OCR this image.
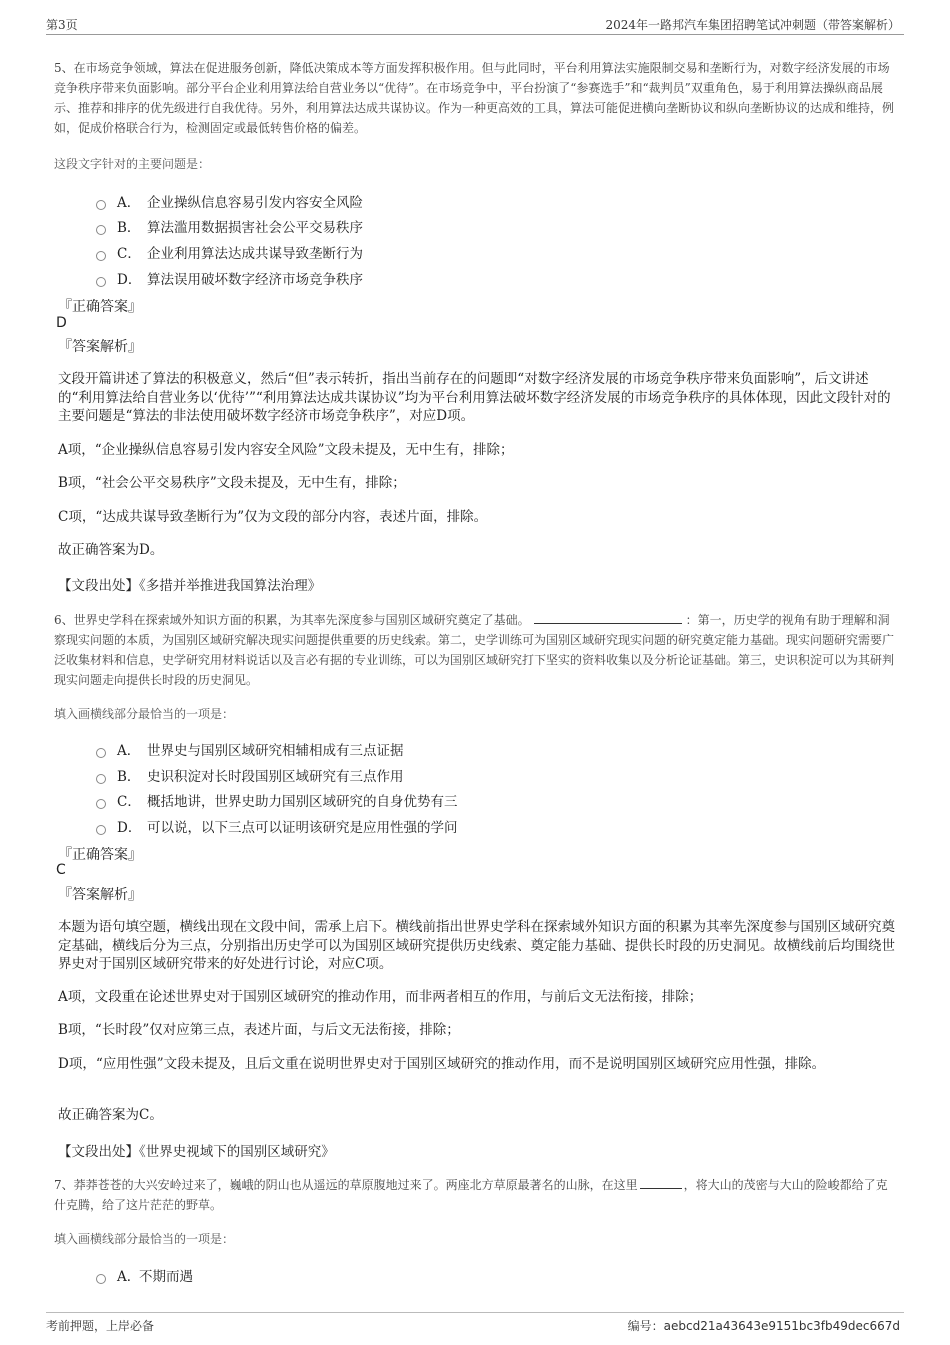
第3页	2024年一路邦汽车集团招聘笔试冲刺题（带答案解析）
5、在市场竞争领域，算法在促进服务创新，降低决策成本等方面发挥积极作用。但与此同时，平台利用算法实施限制交易和垄断行为，对数字经济发展的市场竞争秩序带来负面影响。部分平台企业利用算法给自营业务以“优待”。在市场竞争中，平台扮演了“参赛选手”和“裁判员”双重角色，易于利用算法操纵商品展示、推荐和排序的优先级进行自我优待。另外，利用算法达成共谋协议。作为一种更高效的工具，算法可能促进横向垄断协议和纵向垄断协议的达成和维持，例如，促成价格联合行为，检测固定或最低转售价格的偏差。
这段文字针对的主要问题是：
A． 企业操纵信息容易引发内容安全风险
B． 算法滥用数据损害社会公平交易秩序
C． 企业利用算法达成共谋导致垄断行为
D． 算法误用破坏数字经济市场竞争秩序
『正确答案』
D
『答案解析』
文段开篇讲述了算法的积极意义，然后“但”表示转折，指出当前存在的问题即“对数字经济发展的市场竞争秩序带来负面影响”，后文讲述的“利用算法给自营业务以‘优待’”“利用算法达成共谋协议”均为平台利用算法破坏数字经济发展的市场竞争秩序的具体体现，因此文段针对的主要问题是“算法的非法使用破坏数字经济市场竞争秩序”，对应D项。
A项，“企业操纵信息容易引发内容安全风险”文段未提及，无中生有，排除；
B项，“社会公平交易秩序”文段未提及，无中生有，排除；
C项，“达成共谋导致垄断行为”仅为文段的部分内容，表述片面，排除。
故正确答案为D。
【文段出处】《多措并举推进我国算法治理》
6、世界史学科在探索域外知识方面的积累，为其率先深度参与国别区域研究奠定了基础。	：第一，历史学的视角有助于理解和洞察现实问题的本质，为国别区域研究解决现实问题提供重要的历史线索。第二，史学训练可为国别区域研究现实问题的研究奠定能力基础。现实问题研究需要广泛收集材料和信息，史学研究用材料说话以及言必有据的专业训练，可以为国别区域研究打下坚实的资料收集以及分析论证基础。第三，史识积淀可以为其研判现实问题走向提供长时段的历史洞见。
填入画横线部分最恰当的一项是：
A． 世界史与国别区域研究相辅相成有三点证据
B． 史识积淀对长时段国别区域研究有三点作用
C． 概括地讲，世界史助力国别区域研究的自身优势有三
D． 可以说，以下三点可以证明该研究是应用性强的学问
『正确答案』
C
『答案解析』
本题为语句填空题，横线出现在文段中间，需承上启下。横线前指出世界史学科在探索域外知识方面的积累为其率先深度参与国别区域研究奠定基础，横线后分为三点，分别指出历史学可以为国别区域研究提供历史线索、奠定能力基础、提供长时段的历史洞见。故横线前后均围绕世界史对于国别区域研究带来的好处进行讨论，对应C项。
A项，文段重在论述世界史对于国别区域研究的推动作用，而非两者相互的作用，与前后文无法衔接，排除；
B项，“长时段”仅对应第三点，表述片面，与后文无法衔接，排除；
D项，“应用性强”文段未提及，且后文重在说明世界史对于国别区域研究的推动作用，而不是说明国别区域研究应用性强，排除。
故正确答案为C。
【文段出处】《世界史视域下的国别区域研究》
7、莽莽苍苍的大兴安岭过来了，巍峨的阴山也从遥远的草原腹地过来了。两座北方草原最著名的山脉，在这里	，将大山的茂密与大山的险峻都给了克什克腾，给了这片茫茫的野草。
填入画横线部分最恰当的一项是：
A．不期而遇
考前押题，上岸必备	编号：aebcd21a43643e9151bc3fb49dec667d
